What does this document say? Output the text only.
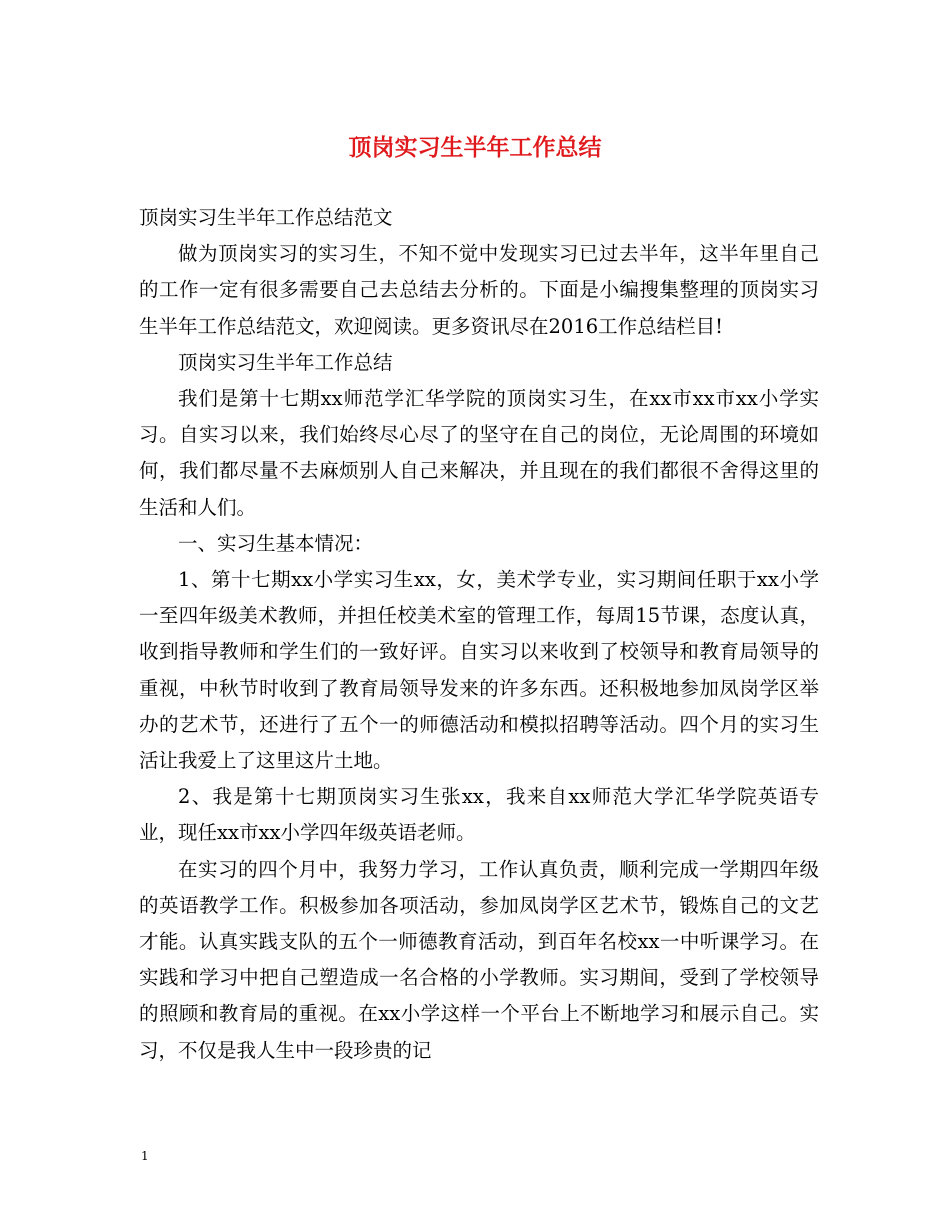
顶岗实习生半年工作总结

顶岗实习生半年工作总结范文

做为顶岗实习的实习生，不知不觉中发现实习已过去半年，这半年里自己的工作一定有很多需要自己去总结去分析的。下面是小编搜集整理的顶岗实习生半年工作总结范文，欢迎阅读。更多资讯尽在2016工作总结栏目!

顶岗实习生半年工作总结

我们是第十七期xx师范学汇华学院的顶岗实习生，在xx市xx市xx小学实习。自实习以来，我们始终尽心尽了的坚守在自己的岗位，无论周围的环境如何，我们都尽量不去麻烦别人自己来解决，并且现在的我们都很不舍得这里的生活和人们。

一、实习生基本情况：

1、第十七期xx小学实习生xx，女，美术学专业，实习期间任职于xx小学一至四年级美术教师，并担任校美术室的管理工作，每周15节课，态度认真，收到指导教师和学生们的一致好评。自实习以来收到了校领导和教育局领导的重视，中秋节时收到了教育局领导发来的许多东西。还积极地参加凤岗学区举办的艺术节，还进行了五个一的师德活动和模拟招聘等活动。四个月的实习生活让我爱上了这里这片土地。

2、我是第十七期顶岗实习生张xx，我来自xx师范大学汇华学院英语专业，现任xx市xx小学四年级英语老师。

在实习的四个月中，我努力学习，工作认真负责，顺利完成一学期四年级的英语教学工作。积极参加各项活动，参加凤岗学区艺术节，锻炼自己的文艺才能。认真实践支队的五个一师德教育活动，到百年名校xx一中听课学习。在实践和学习中把自己塑造成一名合格的小学教师。实习期间，受到了学校领导的照顾和教育局的重视。在xx小学这样一个平台上不断地学习和展示自己。实习，不仅是我人生中一段珍贵的记

1
